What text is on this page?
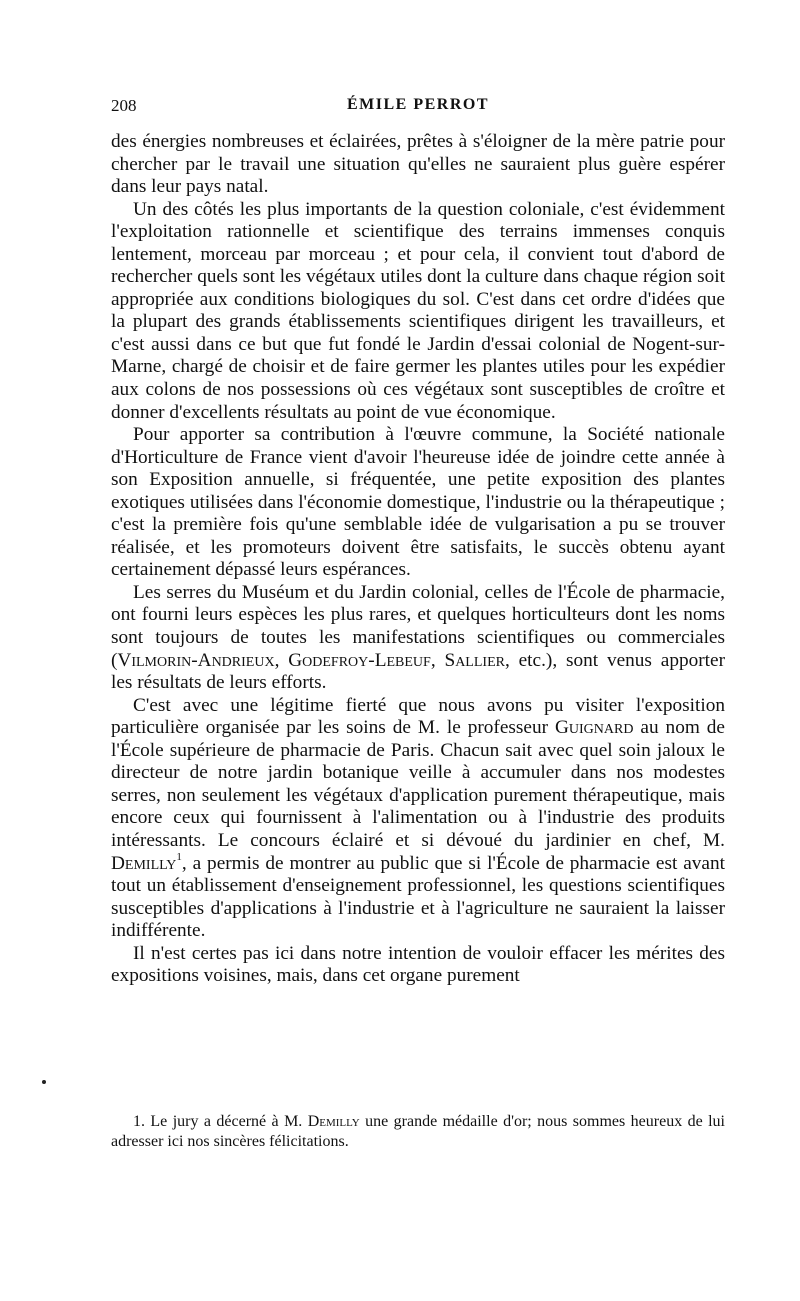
208	ÉMILE PERROT

des énergies nombreuses et éclairées, prêtes à s'éloigner de la mère patrie pour chercher par le travail une situation qu'elles ne sauraient plus guère espérer dans leur pays natal.

Un des côtés les plus importants de la question coloniale, c'est évidemment l'exploitation rationnelle et scientifique des terrains immenses conquis lentement, morceau par morceau ; et pour cela, il convient tout d'abord de rechercher quels sont les végétaux utiles dont la culture dans chaque région soit appropriée aux conditions biologiques du sol. C'est dans cet ordre d'idées que la plupart des grands établissements scientifiques dirigent les travailleurs, et c'est aussi dans ce but que fut fondé le Jardin d'essai colonial de Nogent-sur-Marne, chargé de choisir et de faire germer les plantes utiles pour les expédier aux colons de nos possessions où ces végétaux sont susceptibles de croître et donner d'excellents résultats au point de vue économique.

Pour apporter sa contribution à l'œuvre commune, la Société nationale d'Horticulture de France vient d'avoir l'heureuse idée de joindre cette année à son Exposition annuelle, si fréquentée, une petite exposition des plantes exotiques utilisées dans l'économie domestique, l'industrie ou la thérapeutique ; c'est la première fois qu'une semblable idée de vulgarisation a pu se trouver réalisée, et les promoteurs doivent être satisfaits, le succès obtenu ayant certainement dépassé leurs espérances.

Les serres du Muséum et du Jardin colonial, celles de l'École de pharmacie, ont fourni leurs espèces les plus rares, et quelques horticulteurs dont les noms sont toujours de toutes les manifestations scientifiques ou commerciales (Vilmorin-Andrieux, Godefroy-Lebeuf, Sallier, etc.), sont venus apporter les résultats de leurs efforts.

C'est avec une légitime fierté que nous avons pu visiter l'exposition particulière organisée par les soins de M. le professeur Guignard au nom de l'École supérieure de pharmacie de Paris. Chacun sait avec quel soin jaloux le directeur de notre jardin botanique veille à accumuler dans nos modestes serres, non seulement les végétaux d'application purement thérapeutique, mais encore ceux qui fournissent à l'alimentation ou à l'industrie des produits intéressants. Le concours éclairé et si dévoué du jardinier en chef, M. Demilly$^1$, a permis de montrer au public que si l'École de pharmacie est avant tout un établissement d'enseignement professionnel, les questions scientifiques susceptibles d'applications à l'industrie et à l'agriculture ne sauraient la laisser indifférente.

Il n'est certes pas ici dans notre intention de vouloir effacer les mérites des expositions voisines, mais, dans cet organe purement

1. Le jury a décerné à M. Demilly une grande médaille d'or; nous sommes heureux de lui adresser ici nos sincères félicitations.
